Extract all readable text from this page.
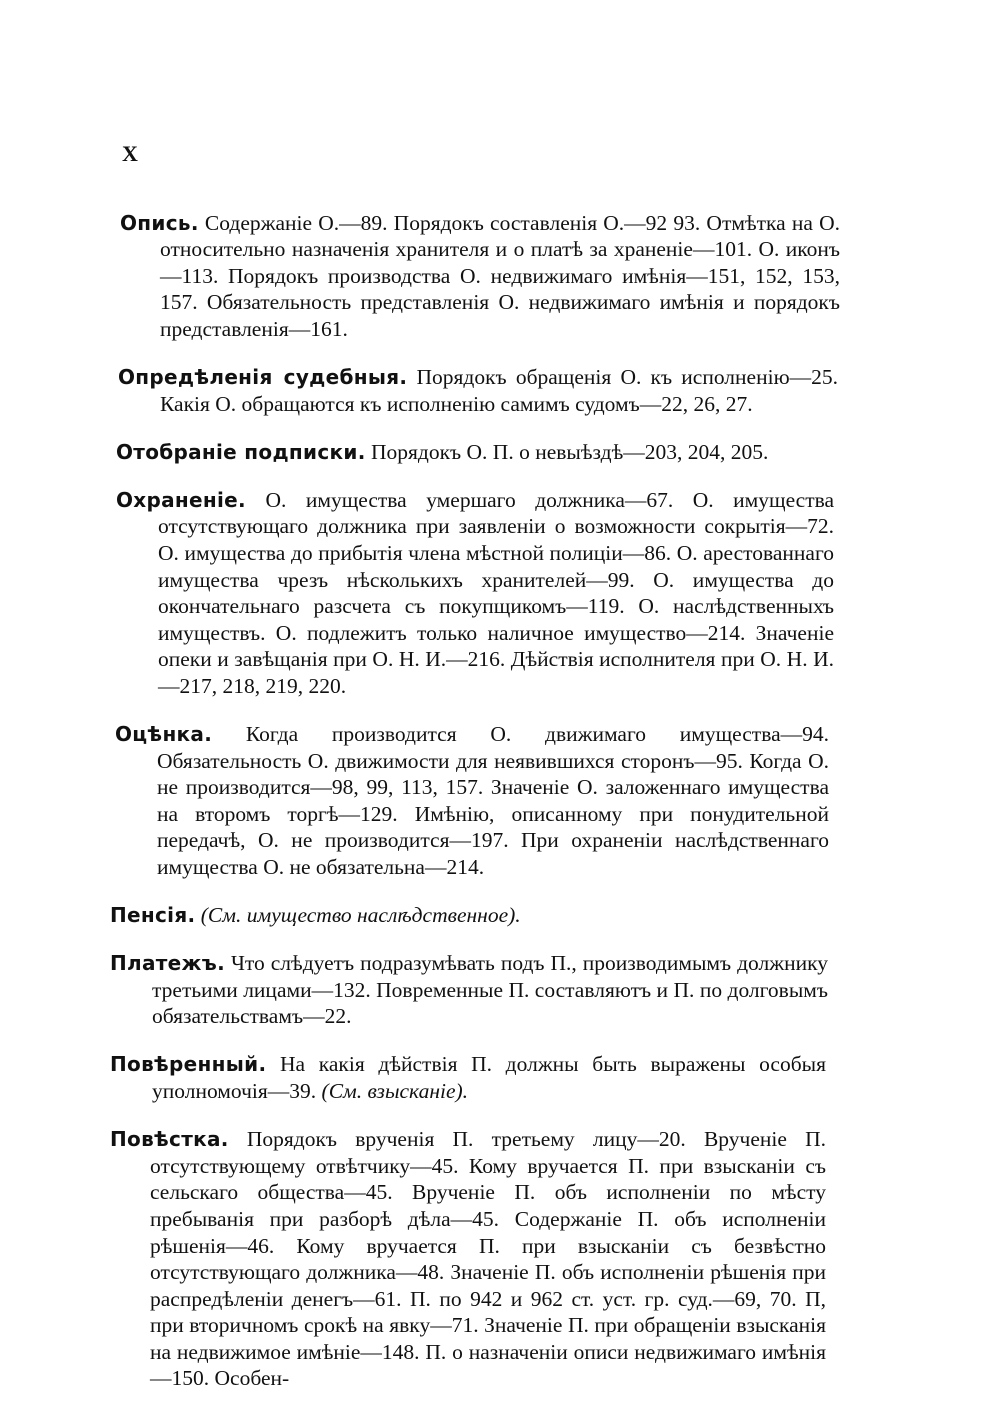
X

Опись. Содержаніе О.—89. Порядокъ составленія О.—92 93. Отмѣтка на О. относительно назначенія хранителя и о платѣ за храненіе—101. О. иконъ—113. Порядокъ производства О. недвижимаго имѣнія—151, 152, 153, 157. Обязательность представленія О. недвижимаго имѣнія и порядокъ представленія—161.

Опредѣленія судебныя. Порядокъ обращенія О. къ исполненію—25. Какія О. обращаются къ исполненію самимъ судомъ—22, 26, 27.

Отобраніе подписки. Порядокъ О. П. о невыѣздѣ—203, 204, 205.

Охраненіе. О. имущества умершаго должника—67. О. имущества отсутствующаго должника при заявленіи о возможности сокрытія—72. О. имущества до прибытія члена мѣстной полиціи—86. О. арестованнаго имущества чрезъ нѣсколькихъ хранителей—99. О. имущества до окончательнаго разсчета съ покупщикомъ—119. О. наслѣдственныхъ имуществъ. О. подлежитъ только наличное имущество—214. Значеніе опеки и завѣщанія при О. Н. И.—216. Дѣйствія исполнителя при О. Н. И.—217, 218, 219, 220.

Оцѣнка. Когда производится О. движимаго имущества—94. Обязательность О. движимости для неявившихся сторонъ—95. Когда О. не производится—98, 99, 113, 157. Значеніе О. заложеннаго имущества на второмъ торгѣ—129. Имѣнію, описанному при понудительной передачѣ, О. не производится—197. При охраненіи наслѣдственнаго имущества О. не обязательна—214.

Пенсія. (См. имущество наслѣдственное).

Платежъ. Что слѣдуетъ подразумѣвать подъ П., производимымъ должнику третьими лицами—132. Повременные П. составляютъ и П. по долговымъ обязательствамъ—22.

Повѣренный. На какія дѣйствія П. должны быть выражены особыя уполномочія—39. (См. взысканіе).

Повѣстка. Порядокъ врученія П. третьему лицу—20. Врученіе П. отсутствующему отвѣтчику—45. Кому вручается П. при взысканіи съ сельскаго общества—45. Врученіе П. объ исполненіи по мѣсту пребыванія при разборѣ дѣла—45. Содержаніе П. объ исполненіи рѣшенія—46. Кому вручается П. при взысканіи съ безвѣстно отсутствующаго должника—48. Значеніе П. объ исполненіи рѣшенія при распредѣленіи денегъ—61. П. по 942 и 962 ст. уст. гр. суд.—69, 70. П, при вторичномъ срокѣ на явку—71. Значеніе П. при обращеніи взысканія на недвижимое имѣніе—148. П. о назначеніи описи недвижимаго имѣнія—150. Особен-
